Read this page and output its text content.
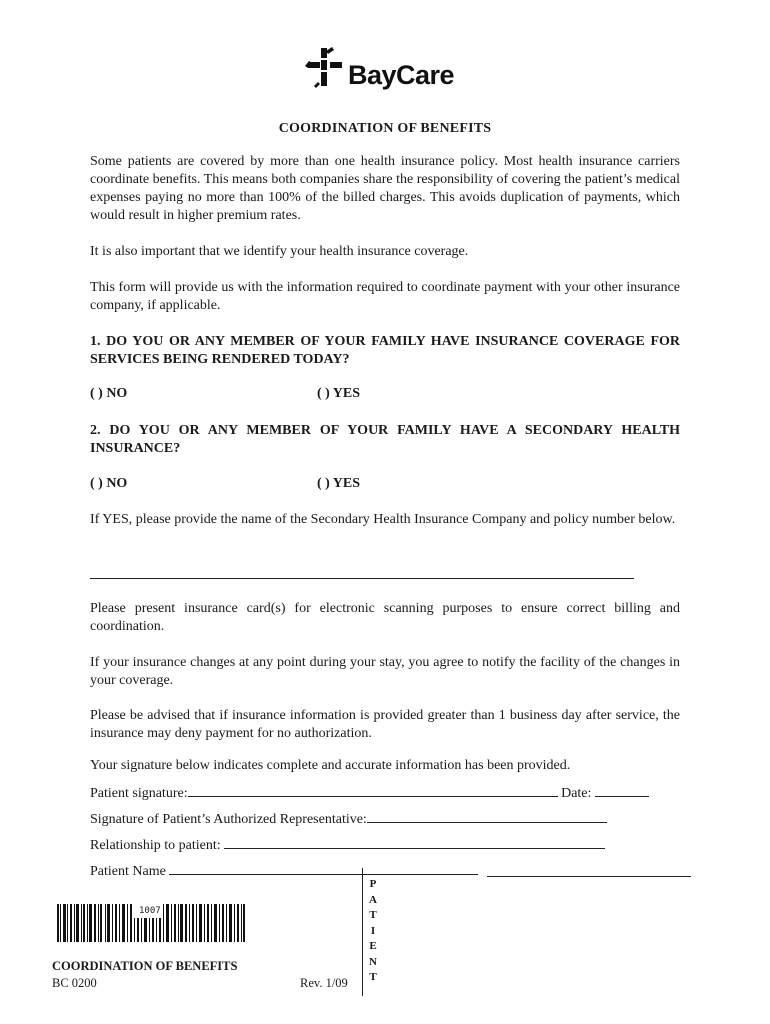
BayCare
COORDINATION OF BENEFITS
Some patients are covered by more than one health insurance policy. Most health insurance carriers coordinate benefits. This means both companies share the responsibility of covering the patient’s medical expenses paying no more than 100% of the billed charges. This avoids duplication of payments, which would result in higher premium rates.
It is also important that we identify your health insurance coverage.
This form will provide us with the information required to coordinate payment with your other insurance company, if applicable.
1. DO YOU OR ANY MEMBER OF YOUR FAMILY HAVE INSURANCE COVERAGE FOR SERVICES BEING RENDERED TODAY?
( ) NO	( ) YES
2. DO YOU OR ANY MEMBER OF YOUR FAMILY HAVE A SECONDARY HEALTH INSURANCE?
( ) NO	( ) YES
If YES, please provide the name of the Secondary Health Insurance Company and policy number below.
Please present insurance card(s) for electronic scanning purposes to ensure correct billing and coordination.
If your insurance changes at any point during your stay, you agree to notify the facility of the changes in your coverage.
Please be advised that if insurance information is provided greater than 1 business day after service, the insurance may deny payment for no authorization.
Your signature below indicates complete and accurate information has been provided.
Patient signature:	Date:
Signature of Patient’s Authorized Representative:
Relationship to patient:
Patient Name
P
A
T
I
E
N
T
1007
COORDINATION OF BENEFITS
BC 0200	Rev. 1/09
